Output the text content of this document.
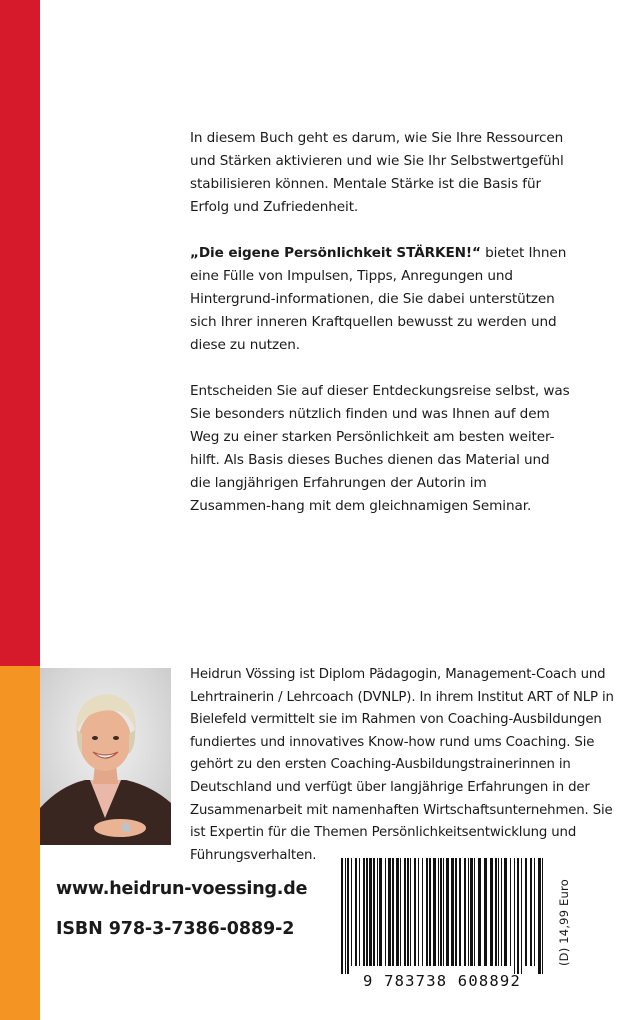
In diesem Buch geht es darum, wie Sie Ihre Ressourcen und Stärken aktivieren und wie Sie Ihr Selbstwertgefühl stabilisieren können. Mentale Stärke ist die Basis für Erfolg und Zufriedenheit.

„Die eigene Persönlichkeit STÄRKEN!“ bietet Ihnen eine Fülle von Impulsen, Tipps, Anregungen und Hintergrund-informationen, die Sie dabei unterstützen sich Ihrer inneren Kraftquellen bewusst zu werden und diese zu nutzen.

Entscheiden Sie auf dieser Entdeckungsreise selbst, was Sie besonders nützlich finden und was Ihnen auf dem Weg zu einer starken Persönlichkeit am besten weiter-hilft. Als Basis dieses Buches dienen das Material und die langjährigen Erfahrungen der Autorin im Zusammen-hang mit dem gleichnamigen Seminar.

Heidrun Vössing ist Diplom Pädagogin, Management-Coach und Lehrtrainerin / Lehrcoach (DVNLP). In ihrem Institut ART of NLP in Bielefeld vermittelt sie im Rahmen von Coaching-Ausbildungen fundiertes und innovatives Know-how rund ums Coaching. Sie gehört zu den ersten Coaching-Ausbildungstrainerinnen in Deutschland und verfügt über langjährige Erfahrungen in der Zusammenarbeit mit namenhaften Wirtschaftsunternehmen. Sie ist Expertin für die Themen Persönlichkeitsentwicklung und Führungsverhalten.
www.heidrun-voessing.de
ISBN 978-3-7386-0889-2
9 783738 608892
(D) 14,99 Euro
